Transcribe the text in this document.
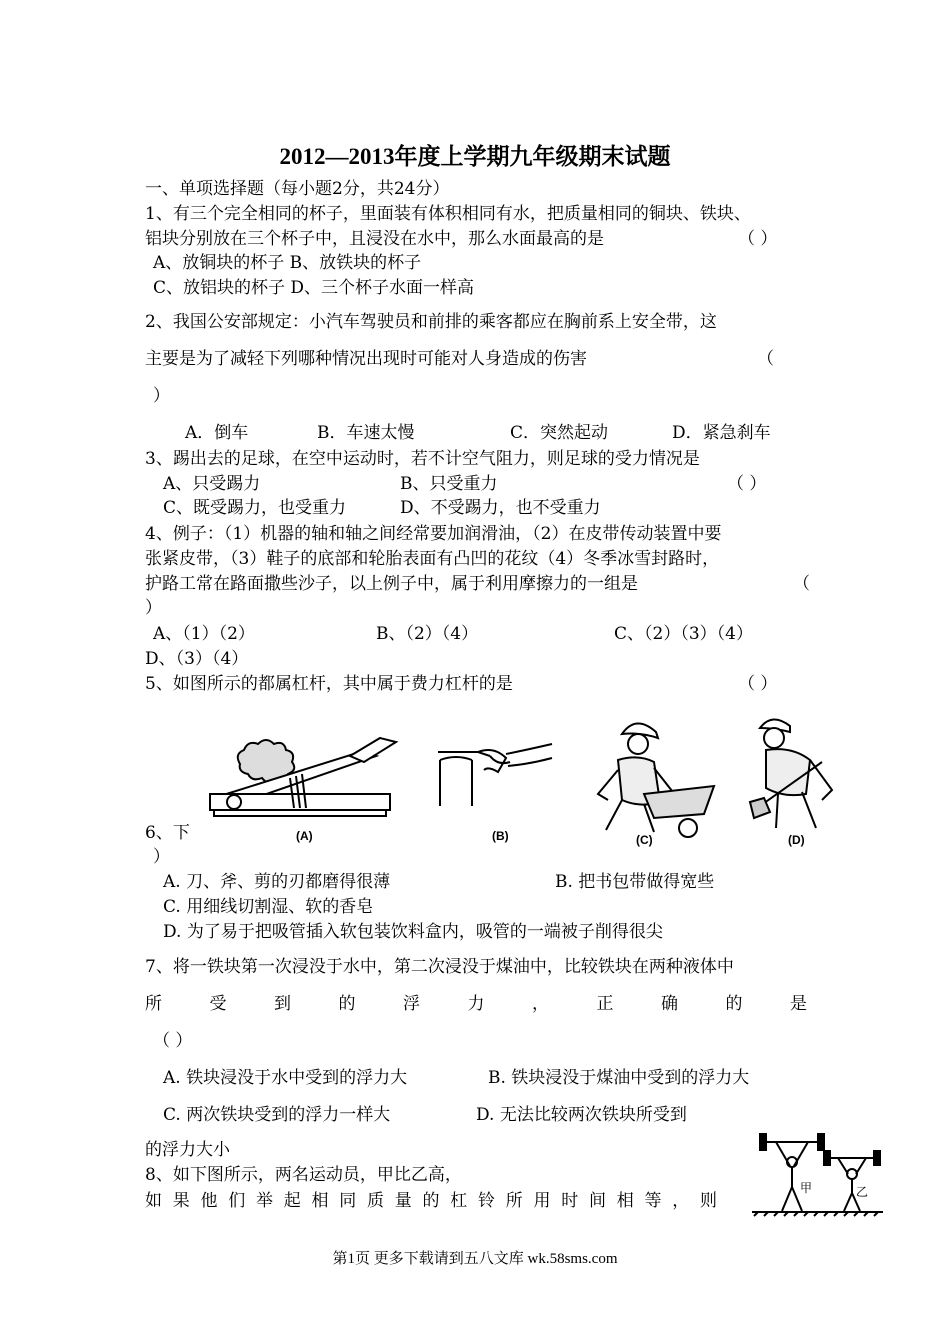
2012—2013年度上学期九年级期末试题
一、单项选择题（每小题2分，共24分）
1、有三个完全相同的杯子，里面装有体积相同有水，把质量相同的铜块、铁块、
铝块分别放在三个杯子中，且浸没在水中，那么水面最高的是	（ ）
A、放铜块的杯子 B、放铁块的杯子
C、放铝块的杯子 D、三个杯子水面一样高
2、我国公安部规定：小汽车驾驶员和前排的乘客都应在胸前系上安全带，这
主要是为了减轻下列哪种情况出现时可能对人身造成的伤害	（
）
A．倒车	B．车速太慢	C．突然起动	D．紧急刹车
3、踢出去的足球，在空中运动时，若不计空气阻力，则足球的受力情况是
A、只受踢力	B、只受重力	（ ）
C、既受踢力，也受重力	D、不受踢力，也不受重力
4、例子：（1）机器的轴和轴之间经常要加润滑油，（2）在皮带传动装置中要
张紧皮带，（3）鞋子的底部和轮胎表面有凸凹的花纹（4）冬季冰雪封路时，
护路工常在路面撒些沙子，以上例子中，属于利用摩擦力的一组是	（
）
A、（1）（2）	B、（2）（4）	C、（2）（3）（4）
D、（3）（4）
5、如图所示的都属杠杆，其中属于费力杠杆的是	（ ）
(A)	(B)	(C)	(D)
6、下
）
A. 刀、斧、剪的刃都磨得很薄	B. 把书包带做得宽些
C. 用细线切割湿、软的香皂
D. 为了易于把吸管插入软包装饮料盒内，吸管的一端被子削得很尖
7、将一铁块第一次浸没于水中，第二次浸没于煤油中，比较铁块在两种液体中
所	受	到	的	浮	力	，	正	确	的	是
（ ）
A. 铁块浸没于水中受到的浮力大	B. 铁块浸没于煤油中受到的浮力大
C. 两次铁块受到的浮力一样大	D. 无法比较两次铁块所受到
的浮力大小
8、如下图所示，两名运动员，甲比乙高，
如 果 他 们 举 起 相 同 质 量 的 杠 铃 所 用 时 间 相 等 ， 则
甲	乙
第1页 更多下载请到五八文库 wk.58sms.com
